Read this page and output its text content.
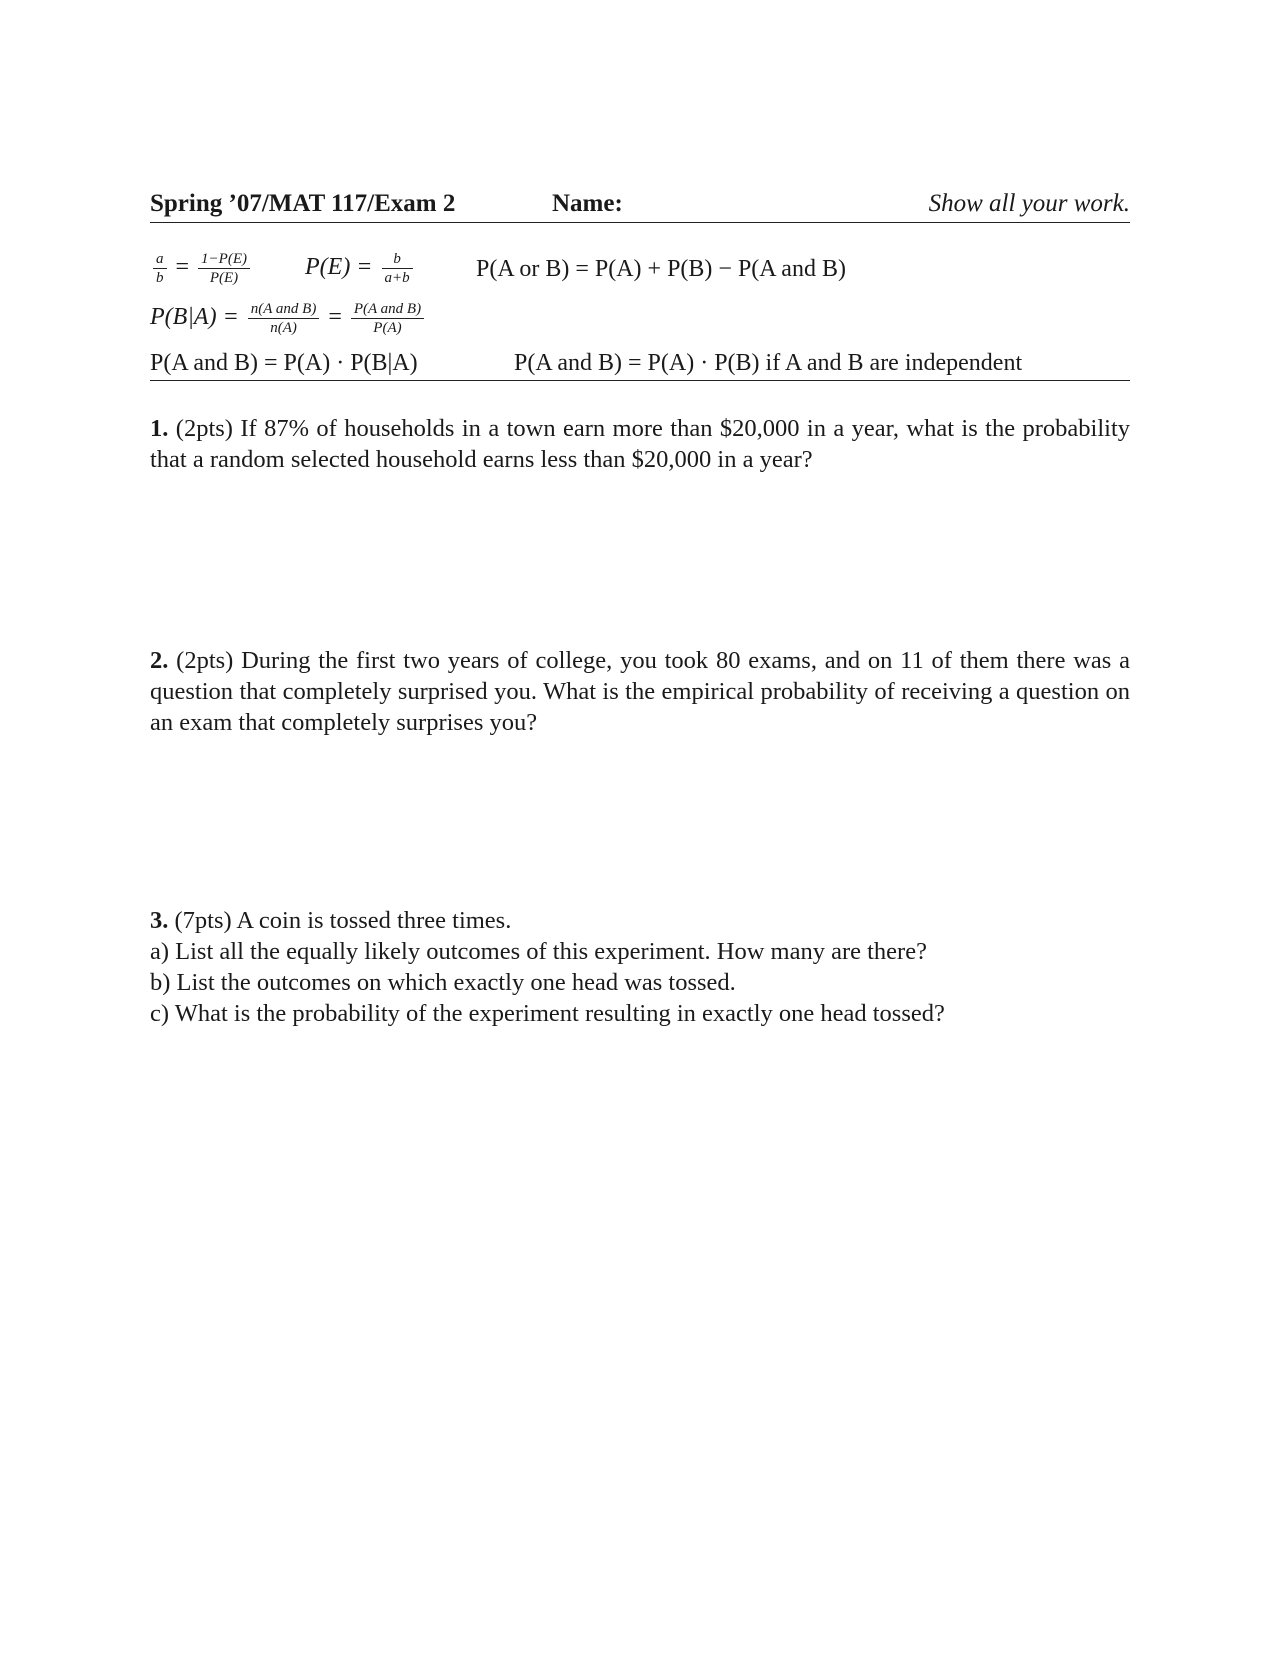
Spring ’07/MAT 117/Exam 2	Name:	Show all your work.
$\frac{a}{b} = \frac{1-P(E)}{P(E)} P(E) = \frac{b}{a+b}$	P(A or B) = P(A) + P(B) − P(A and B)
$P(B|A) = \frac{\text{n(A and B)}}{n(A)} = \frac{\text{P(A and B)}}{P(A)}$
P(A and B) = P(A) · P(B|A)	P(A and B) = P(A) · P(B) if A and B are independent

1. (2pts) If 87% of households in a town earn more than $20,000 in a year, what is the probability that a random selected household earns less than $20,000 in a year?

2. (2pts) During the first two years of college, you took 80 exams, and on 11 of them there was a question that completely surprised you. What is the empirical probability of receiving a question on an exam that completely surprises you?

3. (7pts) A coin is tossed three times.

a) List all the equally likely outcomes of this experiment. How many are there?

b) List the outcomes on which exactly one head was tossed.

c) What is the probability of the experiment resulting in exactly one head tossed?
